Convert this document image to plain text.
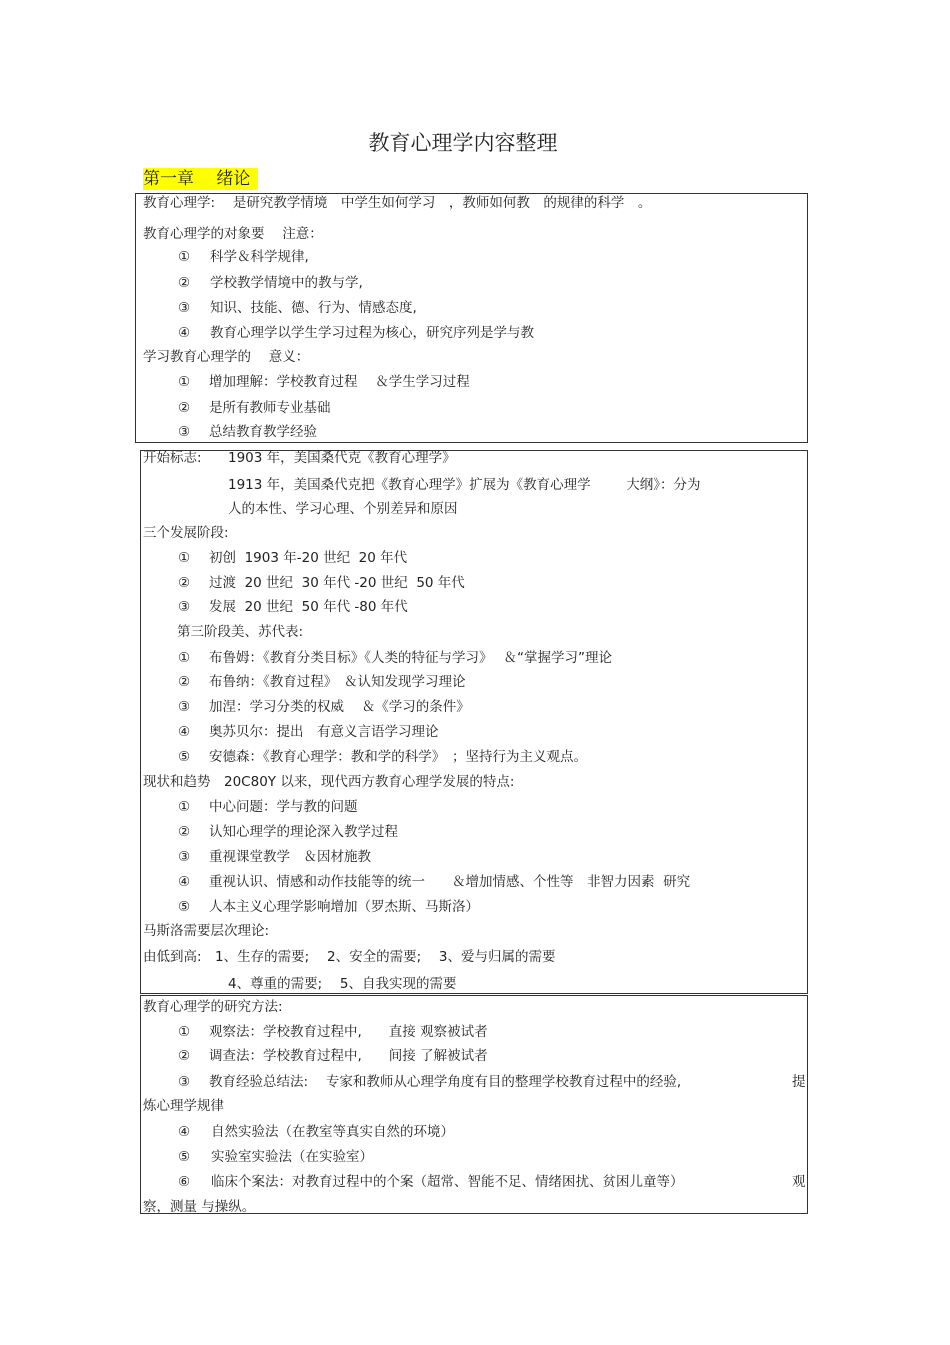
教育心理学内容整理
第一章　 绪论
教育心理学:　 是研究教学情境　中学生如何学习　，教师如何教　的规律的科学　。
教育心理学的对象要　 注意：
① 科学＆科学规律,
② 学校教学情境中的教与学,
③ 知识、技能、德、行为、情感态度,
④ 教育心理学以学生学习过程为核心，研究序列是学与教
学习教育心理学的　 意义：
① 增加理解：学校教育过程　 ＆学生学习过程
② 是所有教师专业基础
③ 总结教育教学经验
开始标志: 1903 年，美国桑代克《教育心理学》
1913 年，美国桑代克把《教育心理学》扩展为《教育心理学　　  大纲》：分为
人的本性、学习心理、个别差异和原因
三个发展阶段:
① 初创  1903 年-20 世纪  20 年代
② 过渡  20 世纪  30 年代 -20 世纪  50 年代
③ 发展  20 世纪  50 年代 -80 年代
第三阶段美、苏代表:
① 布鲁姆：《教育分类目标》《人类的特征与学习》　 ＆“掌握学习”理论
② 布鲁纳：《教育过程》　＆认知发现学习理论
③ 加涅：学习分类的权威　 ＆《学习的条件》
④ 奥苏贝尔：提出　有意义言语学习理论
⑤ 安德森：《教育心理学：教和学的科学》　；坚持行为主义观点。
现状和趋势　20C80Y 以来，现代西方教育心理学发展的特点:
① 中心问题：学与教的问题
② 认知心理学的理论深入教学过程
③ 重视课堂教学　＆因材施教
④ 重视认识、情感和动作技能等的统一　　＆增加情感、个性等　非智力因素  研究
⑤ 人本主义心理学影响增加（罗杰斯、马斯洛）
马斯洛需要层次理论:
由低到高:　1、生存的需要;　 2、安全的需要;　 3、爱与归属的需要
4、尊重的需要;　 5、自我实现的需要
教育心理学的研究方法:
① 观察法：学校教育过程中,　　直接 观察被试者
② 调查法：学校教育过程中,　　间接 了解被试者
③ 教育经验总结法:　 专家和教师从心理学角度有目的整理学校教育过程中的经验,	提
炼心理学规律
④ 自然实验法（在教室等真实自然的环境）
⑤ 实验室实验法（在实验室）
⑥ 临床个案法：对教育过程中的个案（超常、智能不足、情绪困扰、贫困儿童等）	观
察，测量 与操纵。
